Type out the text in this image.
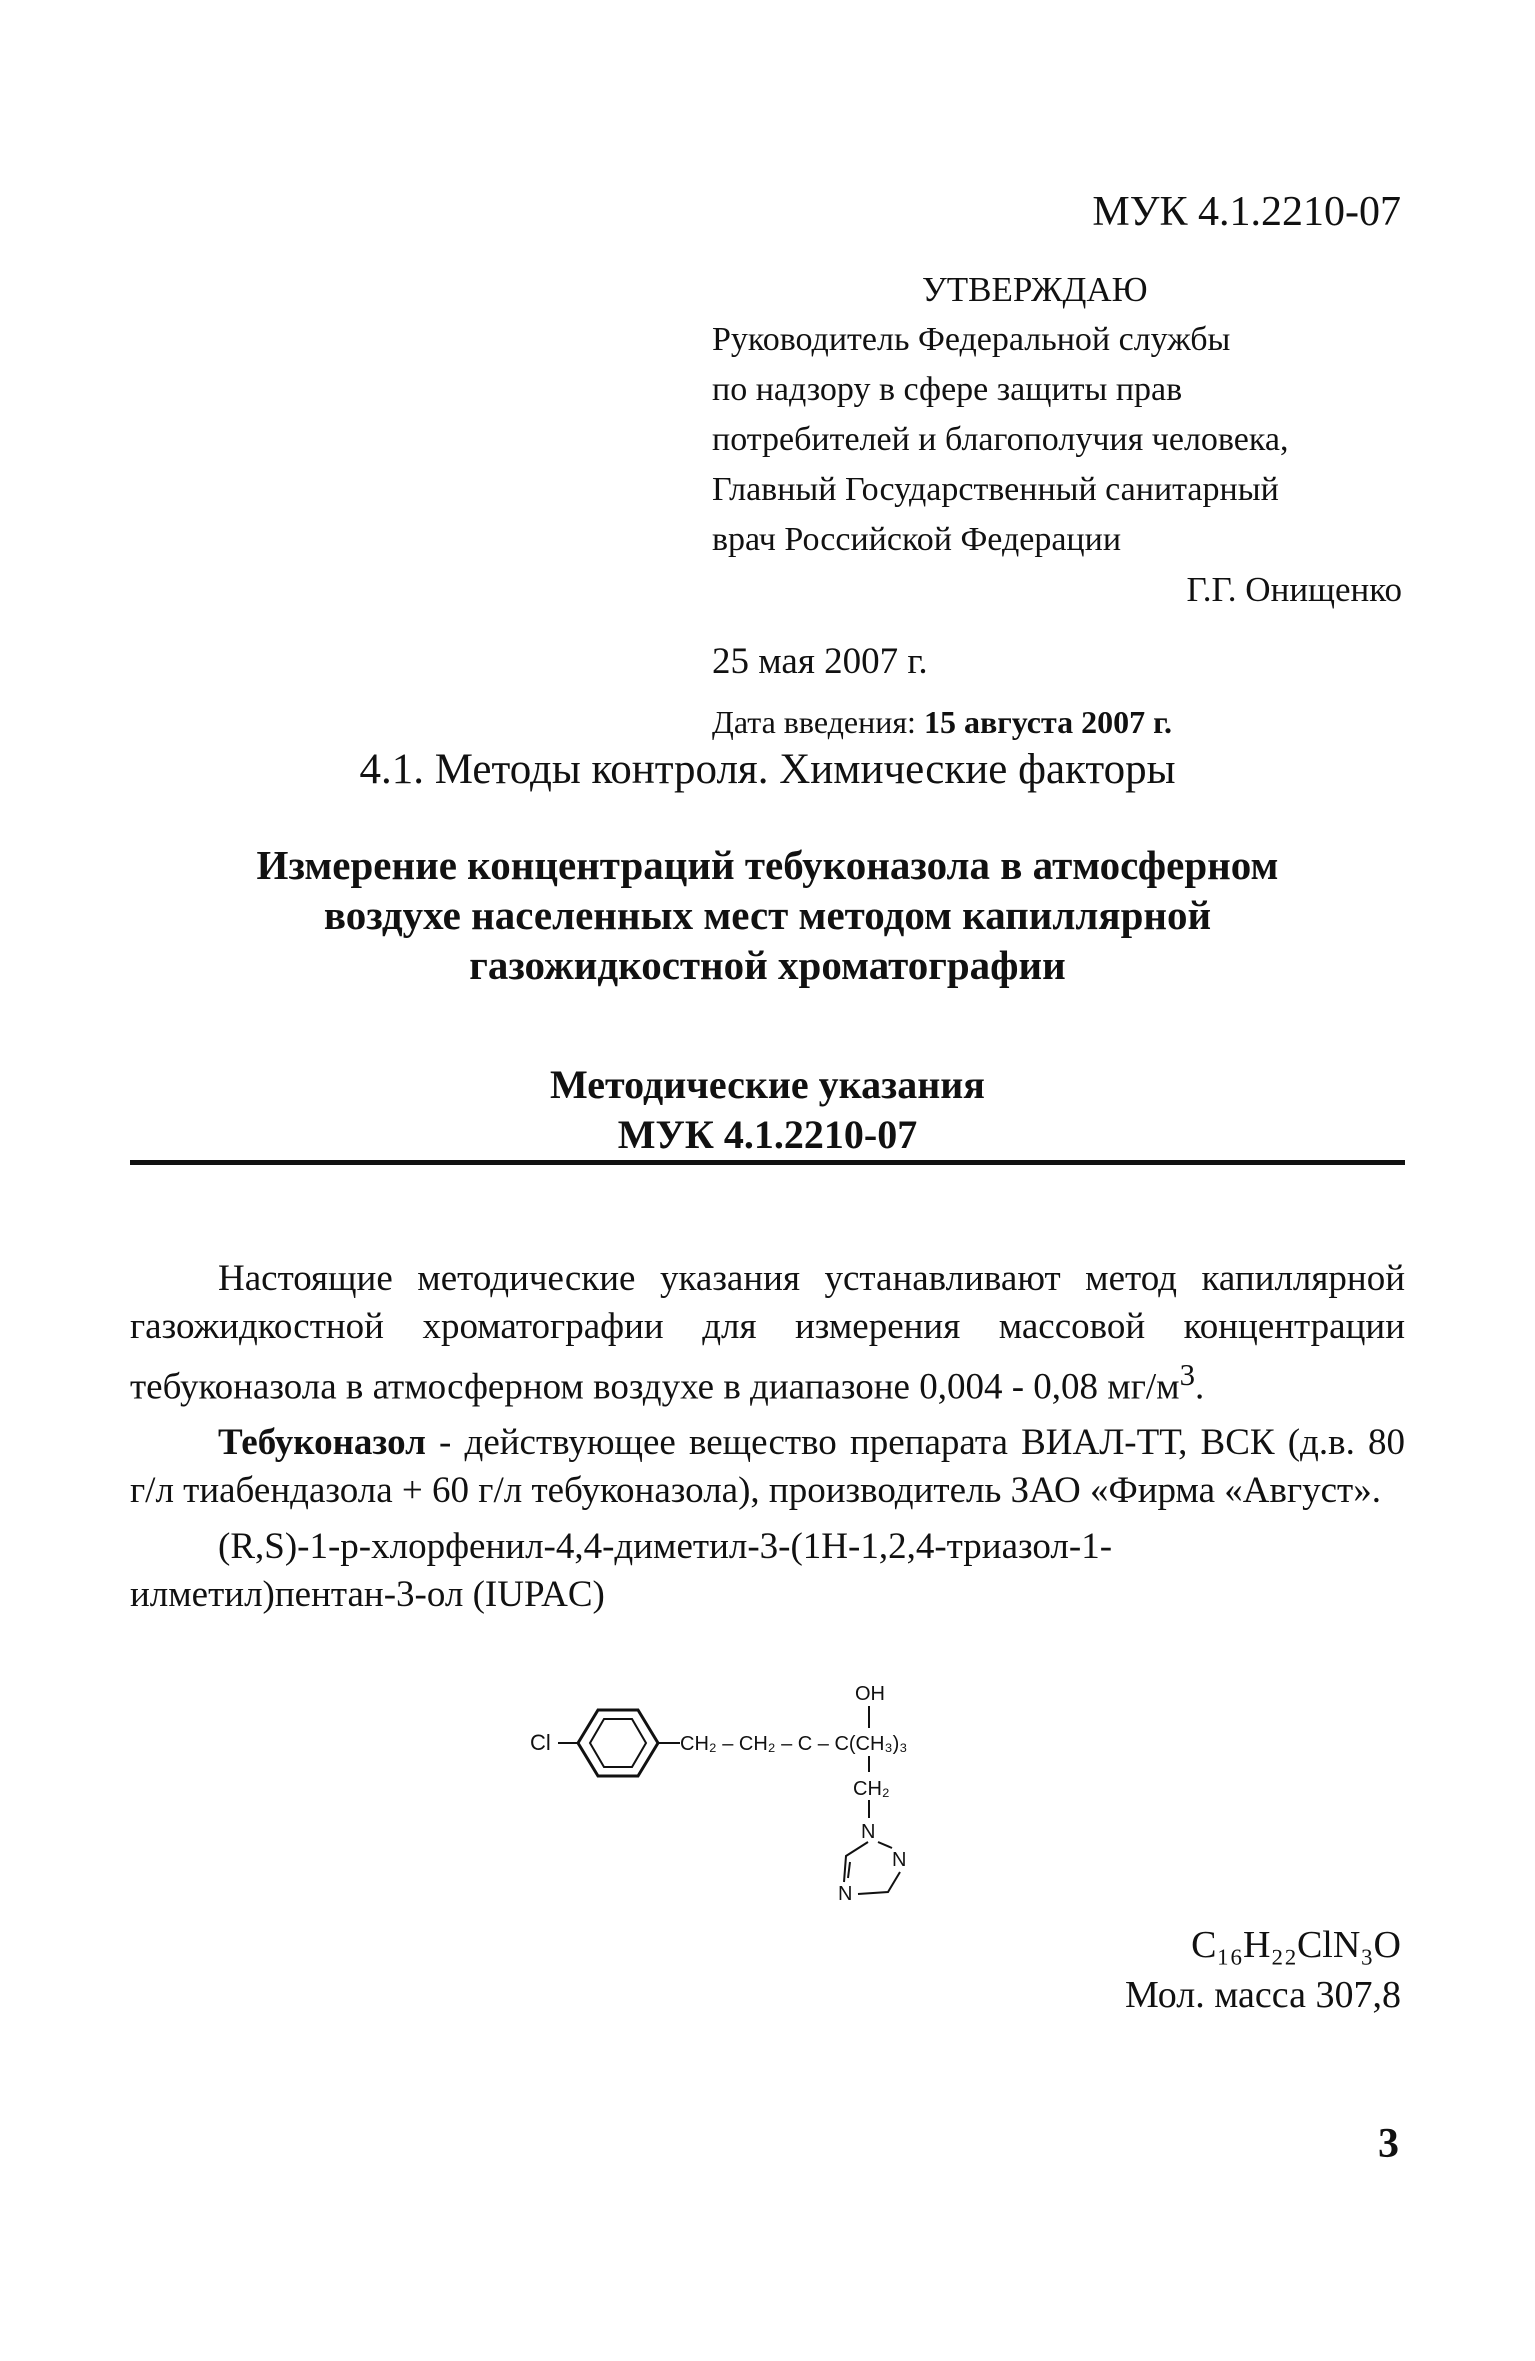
МУК 4.1.2210-07
УТВЕРЖДАЮ
Руководитель Федеральной службы
по надзору в сфере защиты прав
потребителей и благополучия человека,
Главный Государственный санитарный
врач Российской Федерации
Г.Г. Онищенко
25 мая 2007 г.
Дата введения: 15 августа 2007 г.
4.1. Методы контроля. Химические факторы
Измерение концентраций тебуконазола в атмосферном
воздухе населенных мест методом капиллярной
газожидкостной хроматографии
Методические указания
МУК 4.1.2210-07

Настоящие методические указания устанавливают метод капиллярной газожидкостной хроматографии для измерения массовой концентрации тебуконазола в атмосферном воздухе в диапазоне 0,004 - 0,08 $мг/м^3$.

Тебуконазол - действующее вещество препарата ВИАЛ-ТТ, ВСК (д.в. 80 г/л тиабендазола + 60 г/л тебуконазола), производитель ЗАО «Фирма «Август».

(R,S)-1-p-хлорфенил-4,4-диметил-3-(1H-1,2,4-триазол-1-илметил)пентан-3-ол (IUPAC)

Cl	CH₂ – CH₂ – C – C(CH₃)₃
OH
CH₂
N
N
N
C₁₆H₂₂ClN₃O
Мол. масса 307,8
3
